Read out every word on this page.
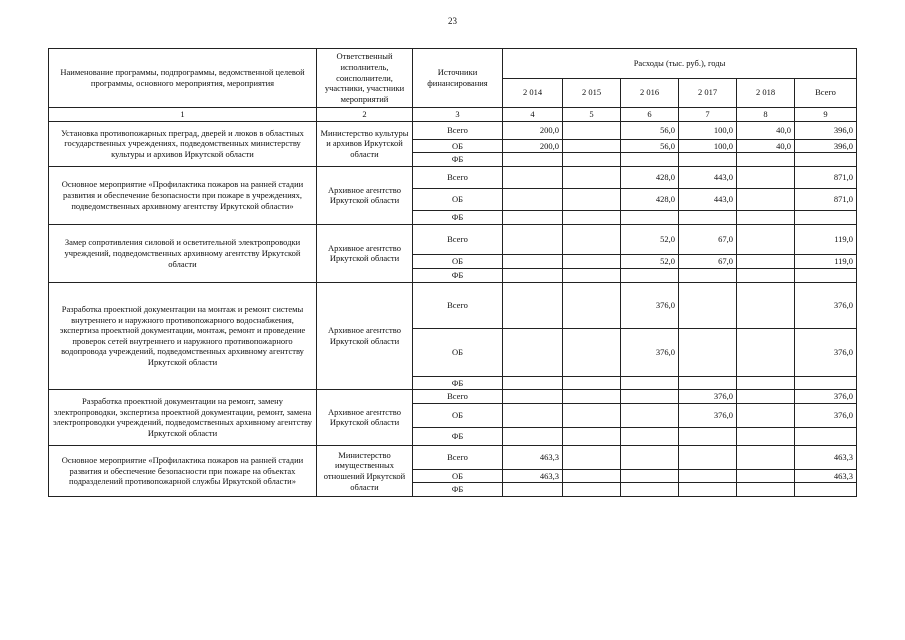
23
Наименование программы, подпрограммы, ведомственной целевой программы, основного мероприятия, мероприятия	Ответственный исполнитель, соисполнители, участники, участники мероприятий	Источники финансирования	Расходы (тыс. руб.), годы					
			2 014	2 015	2 016	2 017	2 018	Всего
1	2	3	4	5	6	7	8	9
Установка противопожарных преград, дверей и люков в областных государственных учреждениях, подведомственных министерству культуры и архивов Иркутской области	Министерство культуры и архивов Иркутской области	Всего	200,0		56,0	100,0	40,0	396,0
		ОБ	200,0		56,0	100,0	40,0	396,0
		ФБ						
Основное мероприятие «Профилактика пожаров на ранней стадии развития и обеспечение безопасности при пожаре в учреждениях, подведомственных архивному агентству Иркутской области»	Архивное агентство Иркутской области	Всего			428,0	443,0		871,0
		ОБ			428,0	443,0		871,0
		ФБ						
Замер сопротивления силовой и осветительной электропроводки учреждений, подведомственных архивному агентству Иркутской области	Архивное агентство Иркутской области	Всего			52,0	67,0		119,0
		ОБ			52,0	67,0		119,0
		ФБ						
Разработка проектной документации на монтаж и ремонт системы внутреннего и наружного противопожарного водоснабжения, экспертиза проектной документации, монтаж, ремонт и проведение проверок сетей внутреннего и наружного противопожарного водопровода учреждений, подведомственных архивному агентству Иркутской области	Архивное агентство Иркутской области	Всего			376,0			376,0
		ОБ			376,0			376,0
		ФБ						
Разработка проектной документации на ремонт, замену электропроводки, экспертиза проектной документации, ремонт, замена электропроводки учреждений, подведомственных архивному агентству Иркутской области	Архивное агентство Иркутской области	Всего				376,0		376,0
		ОБ				376,0		376,0
		ФБ						
Основное мероприятие «Профилактика пожаров на ранней стадии развития и обеспечение безопасности при пожаре на объектах подразделений противопожарной службы Иркутской области»	Министерство имущественных отношений Иркутской области	Всего	463,3					463,3
		ОБ	463,3					463,3
		ФБ						
